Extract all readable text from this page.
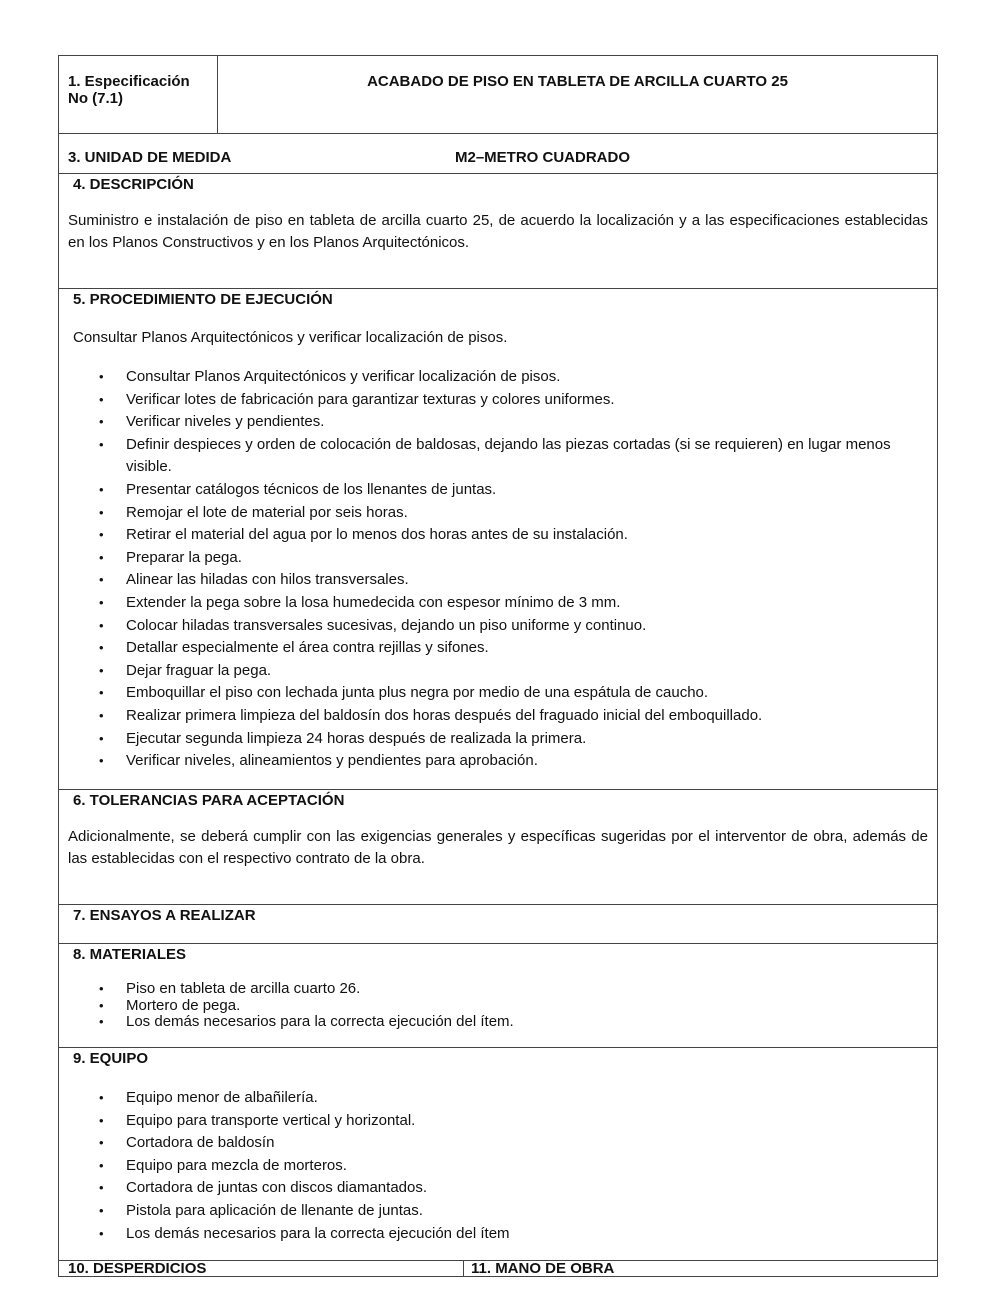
1. Especificación No (7.1)
ACABADO DE PISO EN TABLETA DE ARCILLA CUARTO 25
3. UNIDAD DE MEDIDA	M2–METRO CUADRADO
4. DESCRIPCIÓN
Suministro e instalación de piso en tableta de arcilla cuarto 25, de acuerdo la localización y a las especificaciones establecidas en los Planos Constructivos y en los Planos Arquitectónicos.
5. PROCEDIMIENTO DE EJECUCIÓN
Consultar Planos Arquitectónicos y verificar localización de pisos.
• Consultar Planos Arquitectónicos y verificar localización de pisos.
• Verificar lotes de fabricación para garantizar texturas y colores uniformes.
• Verificar niveles y pendientes.
• Definir despieces y orden de colocación de baldosas, dejando las piezas cortadas (si se requieren) en lugar menos visible.
• Presentar catálogos técnicos de los llenantes de juntas.
• Remojar el lote de material por seis horas.
• Retirar el material del agua por lo menos dos horas antes de su instalación.
• Preparar la pega.
• Alinear las hiladas con hilos transversales.
• Extender la pega sobre la losa humedecida con espesor mínimo de 3 mm.
• Colocar hiladas transversales sucesivas, dejando un piso uniforme y continuo.
• Detallar especialmente el área contra rejillas y sifones.
• Dejar fraguar la pega.
• Emboquillar el piso con lechada junta plus negra por medio de una espátula de caucho.
• Realizar primera limpieza del baldosín dos horas después del fraguado inicial del emboquillado.
• Ejecutar segunda limpieza 24 horas después de realizada la primera.
• Verificar niveles, alineamientos y pendientes para aprobación.
6. TOLERANCIAS PARA ACEPTACIÓN
Adicionalmente, se deberá cumplir con las exigencias generales y específicas sugeridas por el interventor de obra, además de las establecidas con el respectivo contrato de la obra.
7. ENSAYOS A REALIZAR
8. MATERIALES
• Piso en tableta de arcilla cuarto 26.
• Mortero de pega.
• Los demás necesarios para la correcta ejecución del ítem.
9. EQUIPO
• Equipo menor de albañilería.
• Equipo para transporte vertical y horizontal.
• Cortadora de baldosín
• Equipo para mezcla de morteros.
• Cortadora de juntas con discos diamantados.
• Pistola para aplicación de llenante de juntas.
• Los demás necesarios para la correcta ejecución del ítem
10. DESPERDICIOS	11. MANO DE OBRA
